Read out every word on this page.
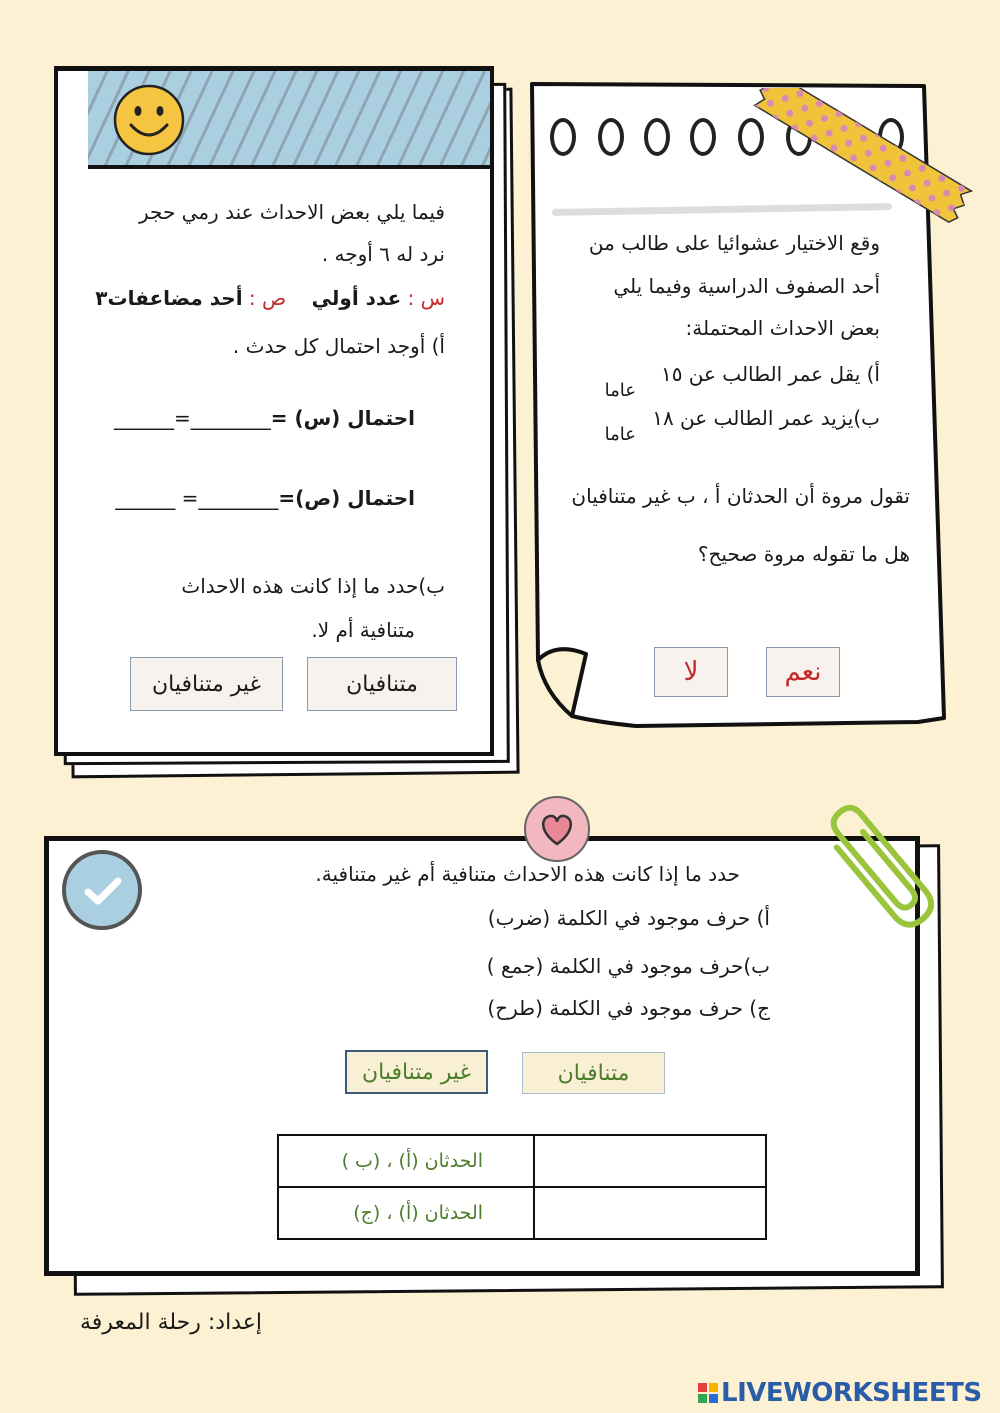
فيما يلي بعض الاحداث عند رمي حجر
نرد له ٦ أوجه .
س : عدد أولي    ص : أحد مضاعفات٣
أ) أوجد احتمال كل حدث .
احتمال (س) =________=______
احتمال (ص)=________= ______
ب)حدد ما إذا كانت هذه الاحداث
متنافية أم لا.
متنافيان
غير متنافيان
وقع الاختيار عشوائيا على طالب من
أحد الصفوف الدراسية وفيما يلي
بعض الاحداث المحتملة:
أ) يقل عمر الطالب عن ١٥
عاما
ب)يزيد عمر الطالب عن ١٨
عاما
تقول مروة أن الحدثان أ ، ب غير متنافيان
هل ما تقوله مروة صحيح؟
نعم
لا
حدد ما إذا كانت هذه الاحداث متنافية أم غير متنافية.
أ) حرف موجود في الكلمة (ضرب)
ب)حرف موجود في الكلمة (جمع )
ج) حرف موجود في الكلمة (طرح)
متنافيان
غير متنافيان
الحدثان (أ) ، (ب )	
الحدثان (أ) ، (ج)	
إعداد: رحلة المعرفة
LIVEWORKSHEETS
